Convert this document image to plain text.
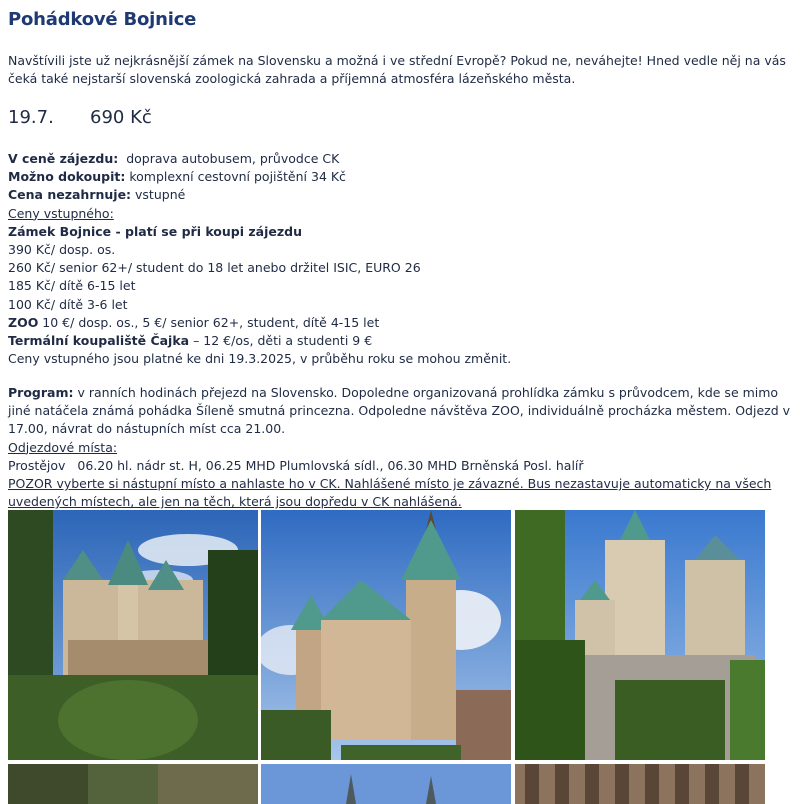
Pohádkové Bojnice

Navštívili jste už nejkrásnější zámek na Slovensku a možná i ve střední Evropě? Pokud ne, neváhejte! Hned vedle něj na vás čeká také nejstarší slovenská zoologická zahrada a příjemná atmosféra lázeňského města.

19.7. 690 Kč
V ceně zájezdu:  doprava autobusem, průvodce CK
Možno dokoupit: komplexní cestovní pojištění 34 Kč
Cena nezahrnuje: vstupné
Ceny vstupného:
Zámek Bojnice - platí se při koupi zájezdu
390 Kč/ dosp. os.
260 Kč/ senior 62+/ student do 18 let anebo držitel ISIC, EURO 26
185 Kč/ dítě 6-15 let
100 Kč/ dítě 3-6 let
ZOO 10 €/ dosp. os., 5 €/ senior 62+, student, dítě 4-15 let
Termální koupaliště Čajka – 12 €/os, děti a studenti 9 €
Ceny vstupného jsou platné ke dni 19.3.2025, v průběhu roku se mohou změnit.

Program: v ranních hodinách přejezd na Slovensko. Dopoledne organizovaná prohlídka zámku s průvodcem, kde se mimo jiné natáčela známá pohádka Šíleně smutná princezna. Odpoledne návštěva ZOO, individuálně procházka městem. Odjezd v 17.00, návrat do nástupních míst cca 21.00.

Odjezdové místa:

Prostějov   06.20 hl. nádr st. H, 06.25 MHD Plumlovská sídl., 06.30 MHD Brněnská Posl. halíř

POZOR vyberte si nástupní místo a nahlaste ho v CK. Nahlášené místo je závazné. Bus nezastavuje automaticky na všech uvedených místech, ale jen na těch, která jsou dopředu v CK nahlášená.
